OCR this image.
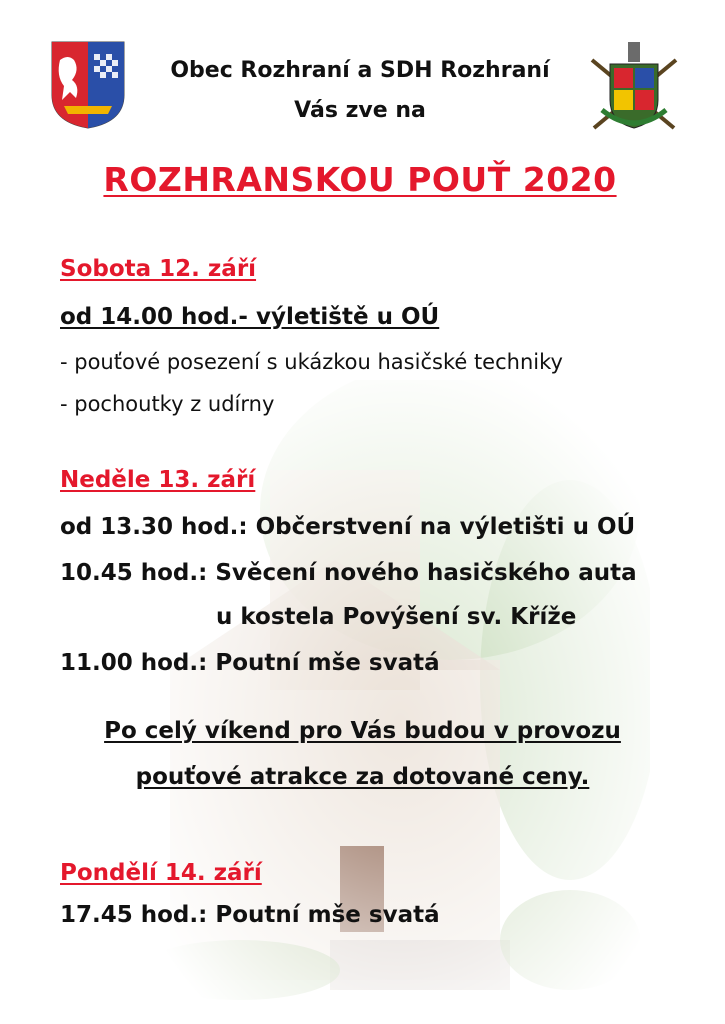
Obec Rozhraní a SDH Rozhraní
Vás zve na
ROZHRANSKOU POUŤ 2020
Sobota 12. září
od 14.00 hod.- výletiště u OÚ
- pouťové posezení s ukázkou hasičské techniky
- pochoutky z udírny
Neděle 13. září
od 13.30 hod.: Občerstvení na výletišti u OÚ
10.45 hod.: Svěcení nového hasičského auta
u kostela Povýšení sv. Kříže
11.00 hod.: Poutní mše svatá
Po celý víkend pro Vás budou v provozu
pouťové atrakce za dotované ceny.
Pondělí 14. září
17.45 hod.: Poutní mše svatá
